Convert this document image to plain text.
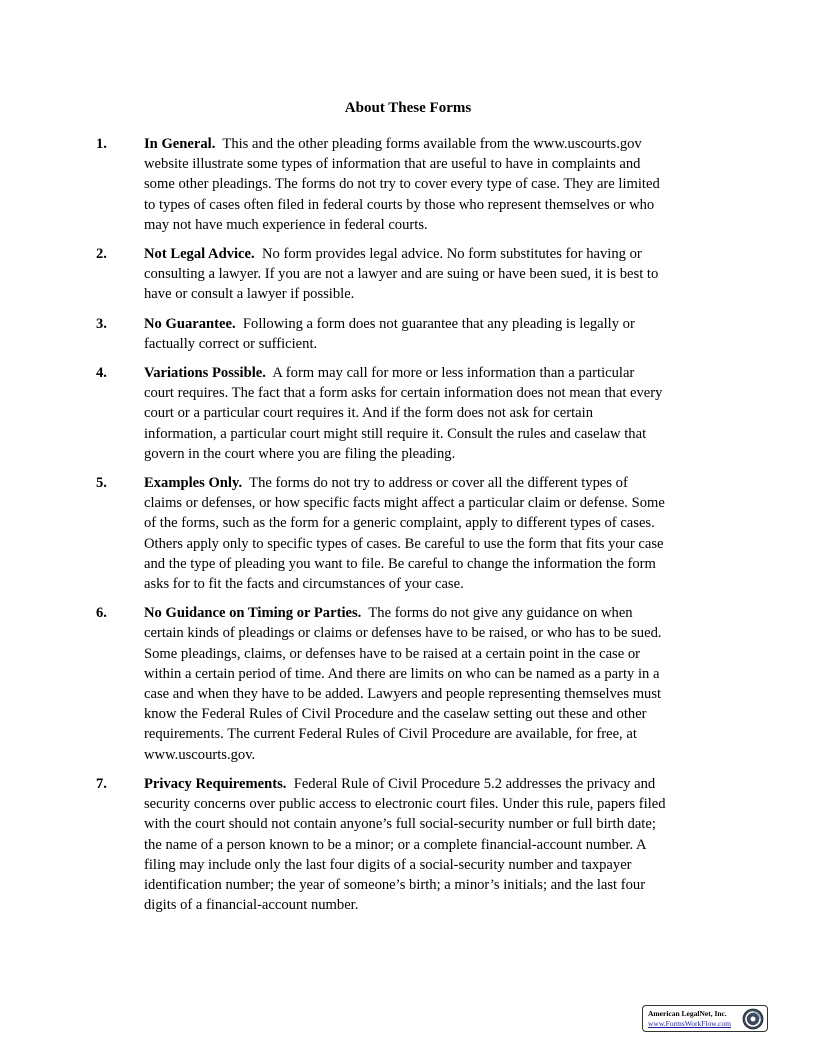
About These Forms
1.	In General. This and the other pleading forms available from the www.uscourts.gov
website illustrate some types of information that are useful to have in complaints and
some other pleadings. The forms do not try to cover every type of case. They are limited
to types of cases often filed in federal courts by those who represent themselves or who
may not have much experience in federal courts.
2.	Not Legal Advice. No form provides legal advice. No form substitutes for having or
consulting a lawyer. If you are not a lawyer and are suing or have been sued, it is best to
have or consult a lawyer if possible.
3.	No Guarantee. Following a form does not guarantee that any pleading is legally or
factually correct or sufficient.
4.	Variations Possible. A form may call for more or less information than a particular
court requires. The fact that a form asks for certain information does not mean that every
court or a particular court requires it. And if the form does not ask for certain
information, a particular court might still require it. Consult the rules and caselaw that
govern in the court where you are filing the pleading.
5.	Examples Only. The forms do not try to address or cover all the different types of
claims or defenses, or how specific facts might affect a particular claim or defense. Some
of the forms, such as the form for a generic complaint, apply to different types of cases.
Others apply only to specific types of cases. Be careful to use the form that fits your case
and the type of pleading you want to file. Be careful to change the information the form
asks for to fit the facts and circumstances of your case.
6.	No Guidance on Timing or Parties. The forms do not give any guidance on when
certain kinds of pleadings or claims or defenses have to be raised, or who has to be sued.
Some pleadings, claims, or defenses have to be raised at a certain point in the case or
within a certain period of time. And there are limits on who can be named as a party in a
case and when they have to be added. Lawyers and people representing themselves must
know the Federal Rules of Civil Procedure and the caselaw setting out these and other
requirements. The current Federal Rules of Civil Procedure are available, for free, at
www.uscourts.gov.
7.	Privacy Requirements. Federal Rule of Civil Procedure 5.2 addresses the privacy and
security concerns over public access to electronic court files. Under this rule, papers filed
with the court should not contain anyone’s full social-security number or full birth date;
the name of a person known to be a minor; or a complete financial-account number. A
filing may include only the last four digits of a social-security number and taxpayer
identification number; the year of someone’s birth; a minor’s initials; and the last four
digits of a financial-account number.
American LegalNet, Inc.
www.FormsWorkFlow.com
